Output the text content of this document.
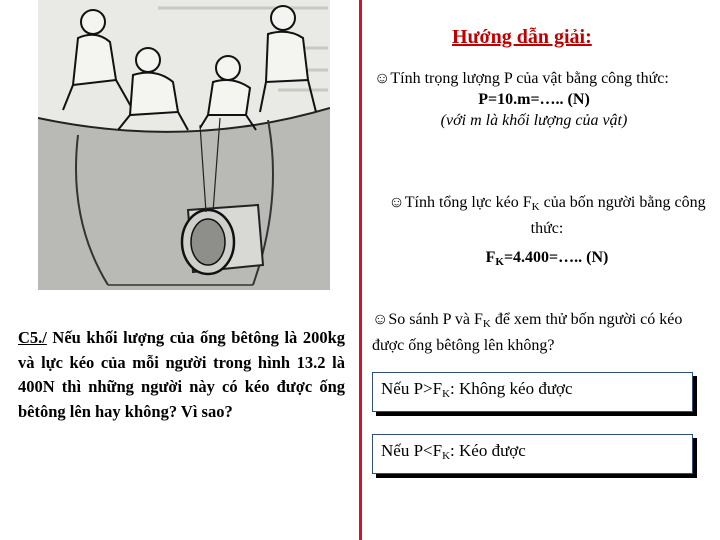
C5./ Nếu khối lượng của ống bêtông là 200kg và lực kéo của mỗi người trong hình 13.2 là 400N thì những người này có kéo được ống bêtông lên hay không? Vì sao?
Hướng dẫn giải:
☺Tính trọng lượng P của vật bằng công thức:
P=10.m=….. (N)
(với m là khối lượng của vật)
☺Tính tổng lực kéo $F_K$ của bốn người bằng công thức:
$F_K=4.400=\dots$.. (N)
☺So sánh P và $F_K$ để xem thử bốn người có kéo được ống bêtông lên không?
Nếu $P>F_K$: Không kéo được
Nếu $P<F_K$: Kéo được
